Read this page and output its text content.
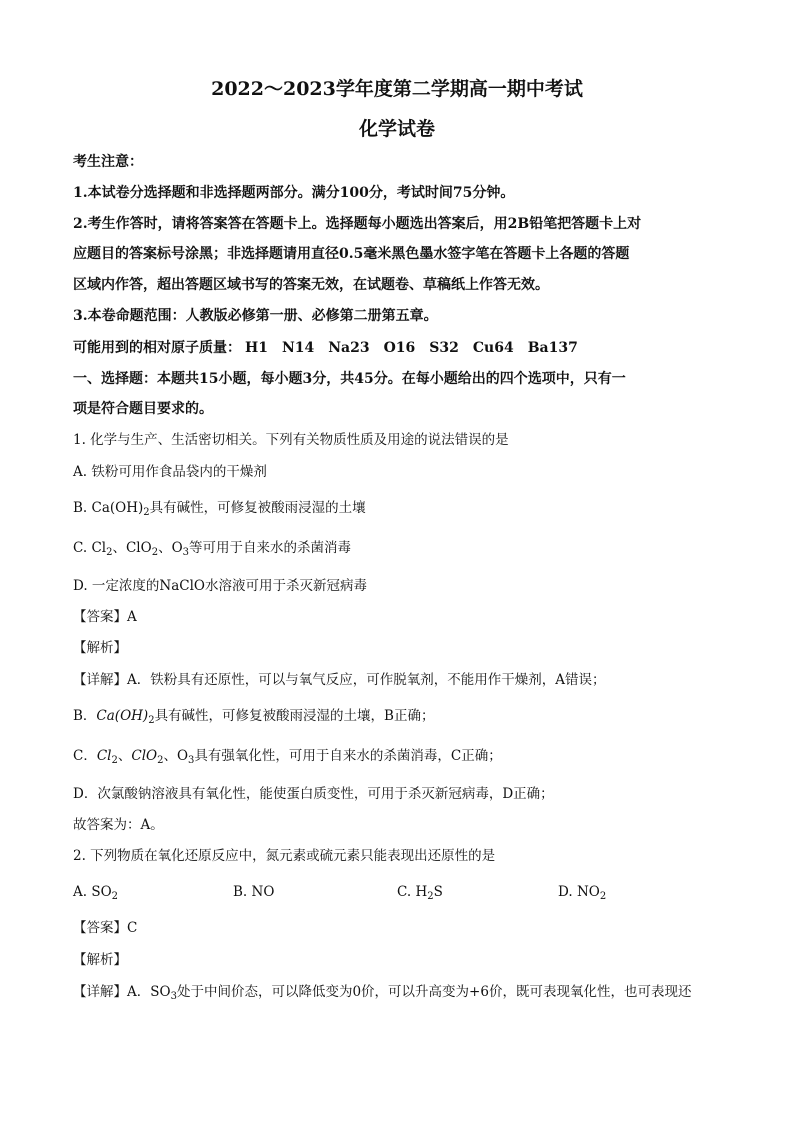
2022～2023学年度第二学期高一期中考试
化学试卷
考生注意：
1.本试卷分选择题和非选择题两部分。满分100分，考试时间75分钟。
2.考生作答时，请将答案答在答题卡上。选择题每小题选出答案后，用2B铅笔把答题卡上对
应题目的答案标号涂黑；非选择题请用直径0.5毫米黑色墨水签字笔在答题卡上各题的答题
区域内作答，超出答题区域书写的答案无效，在试题卷、草稿纸上作答无效。
3.本卷命题范围：人教版必修第一册、必修第二册第五章。
可能用到的相对原子质量： H1 N14 Na23 O16 S32 Cu64 Ba137
一、选择题：本题共15小题，每小题3分，共45分。在每小题给出的四个选项中，只有一
项是符合题目要求的。
1. 化学与生产、生活密切相关。下列有关物质性质及用途的说法错误的是
A. 铁粉可用作食品袋内的干燥剂
B. $Ca(OH)_2$具有碱性，可修复被酸雨浸湿的土壤
C. $Cl_2$、ClO$_2$、$O_3$等可用于自来水的杀菌消毒
D. 一定浓度的NaClO水溶液可用于杀灭新冠病毒
【答案】A
【解析】
【详解】A．铁粉具有还原性，可以与氧气反应，可作脱氧剂，不能用作干燥剂，A错误；
B．$Ca(OH)_2$具有碱性，可修复被酸雨浸湿的土壤，B正确；
C．$Cl_2$、ClO$_2$、$O_3$具有强氧化性，可用于自来水的杀菌消毒，C正确；
D．次氯酸钠溶液具有氧化性，能使蛋白质变性，可用于杀灭新冠病毒，D正确；
故答案为：A。
2. 下列物质在氧化还原反应中，氮元素或硫元素只能表现出还原性的是
A. $SO_2$	B. NO	C. $H_2S$	D. $NO_2$
【答案】C
【解析】
【详解】A．$SO_3$处于中间价态，可以降低变为0价，可以升高变为+6价，既可表现氧化性，也可表现还
